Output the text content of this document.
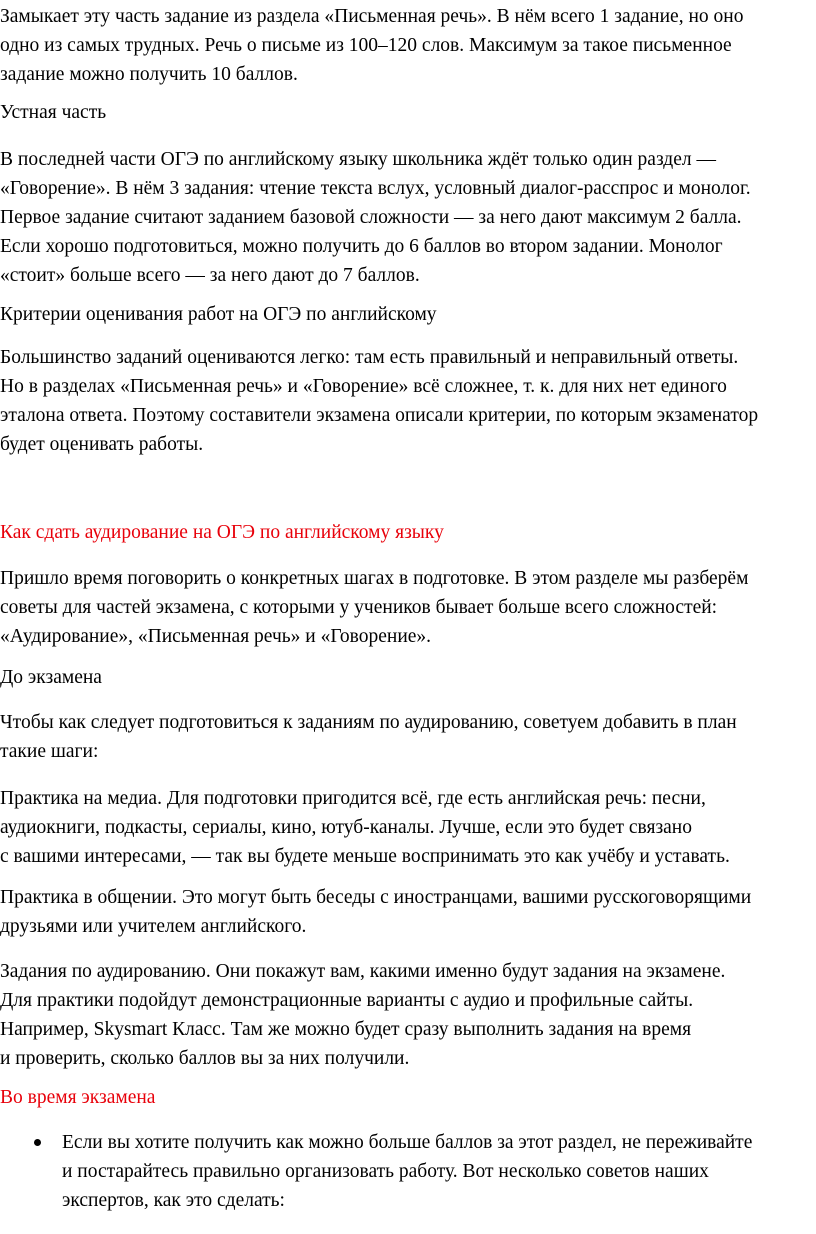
Замыкает эту часть задание из раздела «Письменная речь». В нём всего 1 задание, но оно
одно из самых трудных. Речь о письме из 100–120 слов. Максимум за такое письменное
задание можно получить 10 баллов.

Устная часть

В последней части ОГЭ по английскому языку школьника ждёт только один раздел —
«Говорение». В нём 3 задания: чтение текста вслух, условный диалог-расспрос и монолог.
Первое задание считают заданием базовой сложности — за него дают максимум 2 балла.
Если хорошо подготовиться, можно получить до 6 баллов во втором задании. Монолог
«стоит» больше всего — за него дают до 7 баллов.

Критерии оценивания работ на ОГЭ по английскому

Большинство заданий оцениваются легко: там есть правильный и неправильный ответы.
Но в разделах «Письменная речь» и «Говорение» всё сложнее, т. к. для них нет единого
эталона ответа. Поэтому составители экзамена описали критерии, по которым экзаменатор
будет оценивать работы.

Как сдать аудирование на ОГЭ по английскому языку

Пришло время поговорить о конкретных шагах в подготовке. В этом разделе мы разберём
советы для частей экзамена, с которыми у учеников бывает больше всего сложностей:
«Аудирование», «Письменная речь» и «Говорение».

До экзамена

Чтобы как следует подготовиться к заданиям по аудированию, советуем добавить в план
такие шаги:

Практика на медиа. Для подготовки пригодится всё, где есть английская речь: песни,
аудиокниги, подкасты, сериалы, кино, ютуб-каналы. Лучше, если это будет связано
с вашими интересами, — так вы будете меньше воспринимать это как учёбу и уставать.

Практика в общении. Это могут быть беседы с иностранцами, вашими русскоговорящими
друзьями или учителем английского.

Задания по аудированию. Они покажут вам, какими именно будут задания на экзамене.
Для практики подойдут демонстрационные варианты с аудио и профильные сайты.
Например, Skysmart Класс. Там же можно будет сразу выполнить задания на время
и проверить, сколько баллов вы за них получили.

Во время экзамена

Если вы хотите получить как можно больше баллов за этот раздел, не переживайте
и постарайтесь правильно организовать работу. Вот несколько советов наших
экспертов, как это сделать:
